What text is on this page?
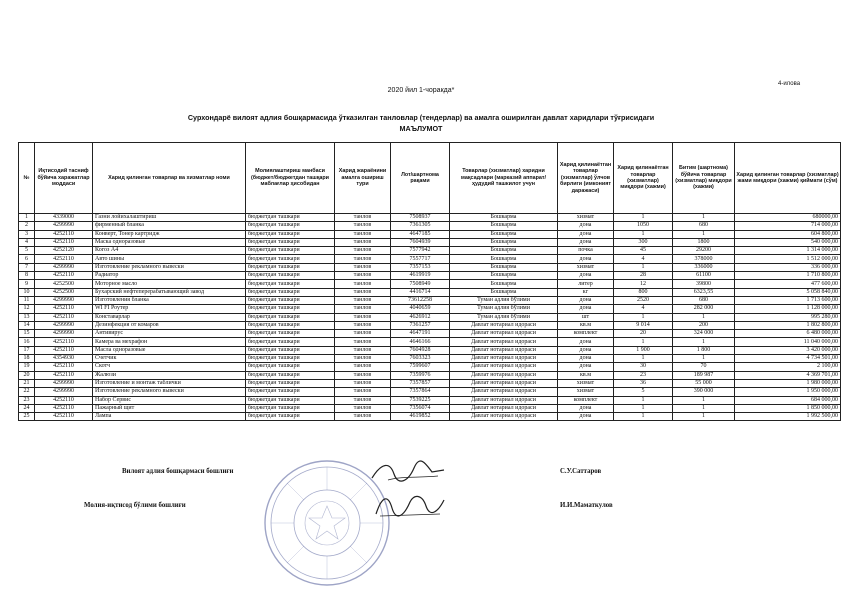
4-илова
2020 йил 1-чоракда*
Сурхондарё вилоят адлия бошқармасида ўтказилган танловлар (тендерлар) ва амалга оширилган давлат харидлари тўғрисидаги
МАЪЛУМОТ
№	Иқтисодий тасниф бўйича харажатлар моддаси	Харид қилинган товарлар ва хизматлар номи	Молиялаштириш манбаси (бюджет/бюджетдан ташқари маблағлар ҳисобидан	Харид жараёнини амалга ошириш тури	Лот/шартнома рақами	Товарлар (хизматлар) харидни мақсадлари (марказий аппарат/ҳудудий ташкилот учун	Харид қилинаётган товарлар (хизматлар) ўлчов бирлиги (имконият даражаси)	Харид қилинаётган товарлар (хизматлар) миқдори (хажми)	Битим (шартнома) бўйича товарлар (хизматлар) миқдори (хажми)	Харид қилинган товарлар (хизматлар) жами миқдори (хажми) қиймати (сўм)
1	4339000	Газни лойихалаштириш	бюджетдан ташкари	танлов	7508937	Бошкарма	хизмат	1	1	680000,00
2	4299990	фирменный бланка	бюджетдан ташкари	танлов	7361305	Бошкарма	дона	1050	680	714 000,00
3	4252110	Конверт, Тонер картридж	бюджетдан ташкари	танлов	4647185	Бошкарма	дона	1	1	604 800,00
4	4252110	Маска одноразовые	бюджетдан ташкари	танлов	7604939	Бошкарма	дона	300	1800	540 000,00
5	4252120	Когоз А4	бюджетдан ташкари	танлов	7577942	Бошкарма	почка	45	29200	1 314 000,00
6	4252110	Авто шины	бюджетдан ташкари	танлов	7557717	Бошкарма	дона	4	378000	1 512 000,00
7	4299990	Изготовление рекламного вывески	бюджетдан ташкари	танлов	7357153	Бошкарма	хизмат	1	336000	336 000,00
8	4252110	Радиатор	бюджетдан ташкари	танлов	4619919	Бошкарма	дона	28	61100	1 710 800,00
9	4252500	Моторное масло	бюджетдан ташкари	танлов	7508949	Бошкарма	литер	12	39800	477 600,00
10	4252500	Бухарский нефтеперерабатывающий завод	бюджетдан ташкари	танлов	4416714	Бошкарма	кг	800	6323,55	5 058 840,00
11	4299990	Изготовления бланка	бюджетдан ташкари	танлов	73612258	Туман адлия бўлими	дона	2520	680	1 713 600,00
12	4252110	WI FI Роутер	бюджетдан ташкари	танлов	4040659	Туман адлия бўлими	дона	4	282 000	1 128 000,00
13	4252110	Конставарлар	бюджетдан ташкари	танлов	4626912	Туман адлия бўлими	шт	1	1	995 280,00
14	4299990	Дезинфекция от комаров	бюджетдан ташкари	танлов	7361257	Давлат нотариал идораси	кв.м	9 014	200	1 802 800,00
15	4299990	Антивирус	бюджетдан ташкари	танлов	4647191	Давлат нотариал идораси	комплект	20	324 000	6 480 000,00
16	4252110	Камера ва мехрафон	бюджетдан ташкари	танлов	4646166	Давлат нотариал идораси	дона	1	1	11 040 000,00
17	4252110	Масла одноразовые	бюджетдан ташкари	танлов	7604928	Давлат нотариал идораси	дона	1 900	1 800	3 420 000,00
18	4354930	Счетчик	бюджетдан ташкари	танлов	7603323	Давлат нотариал идораси	дона	1	1	4 734 501,00
19	4252110	Скотч	бюджетдан ташкари	танлов	7599607	Давлат нотариал идораси	дона	30	70	2 100,00
20	4252110	Жалюзи	бюджетдан ташкари	танлов	7359976	Давлат нотариал идораси	кв.м	23	189 987	4 369 701,00
21	4299990	Изготовление и монтаж таблички	бюджетдан ташкари	танлов	7357857	Давлат нотариал идораси	хизмат	36	55 000	1 980 000,00
22	4299990	Изготовление рекламного вывески	бюджетдан ташкари	танлов	7357864	Давлат нотариал идораси	хизмат	5	390 000	1 950 000,00
23	4252110	Набор Сервис	бюджетдан ташкари	танлов	7539225	Давлат нотариал идораси	комплект	1	1	684 000,00
24	4252110	Пажарный щит	бюджетдан ташкари	танлов	7356074	Давлат нотариал идораси	дона	1	1	1 850 000,00
25	4252110	Лампа	бюджетдан ташкари	танлов	4619852	Давлат нотариал идораси	дона	1	1	1 992 500,00
Вилоят адлия бошқармаси бошлиғи	С.У.Саттаров
Молия-иқтисод бўлими бошлиғи	И.И.Маматкулов
